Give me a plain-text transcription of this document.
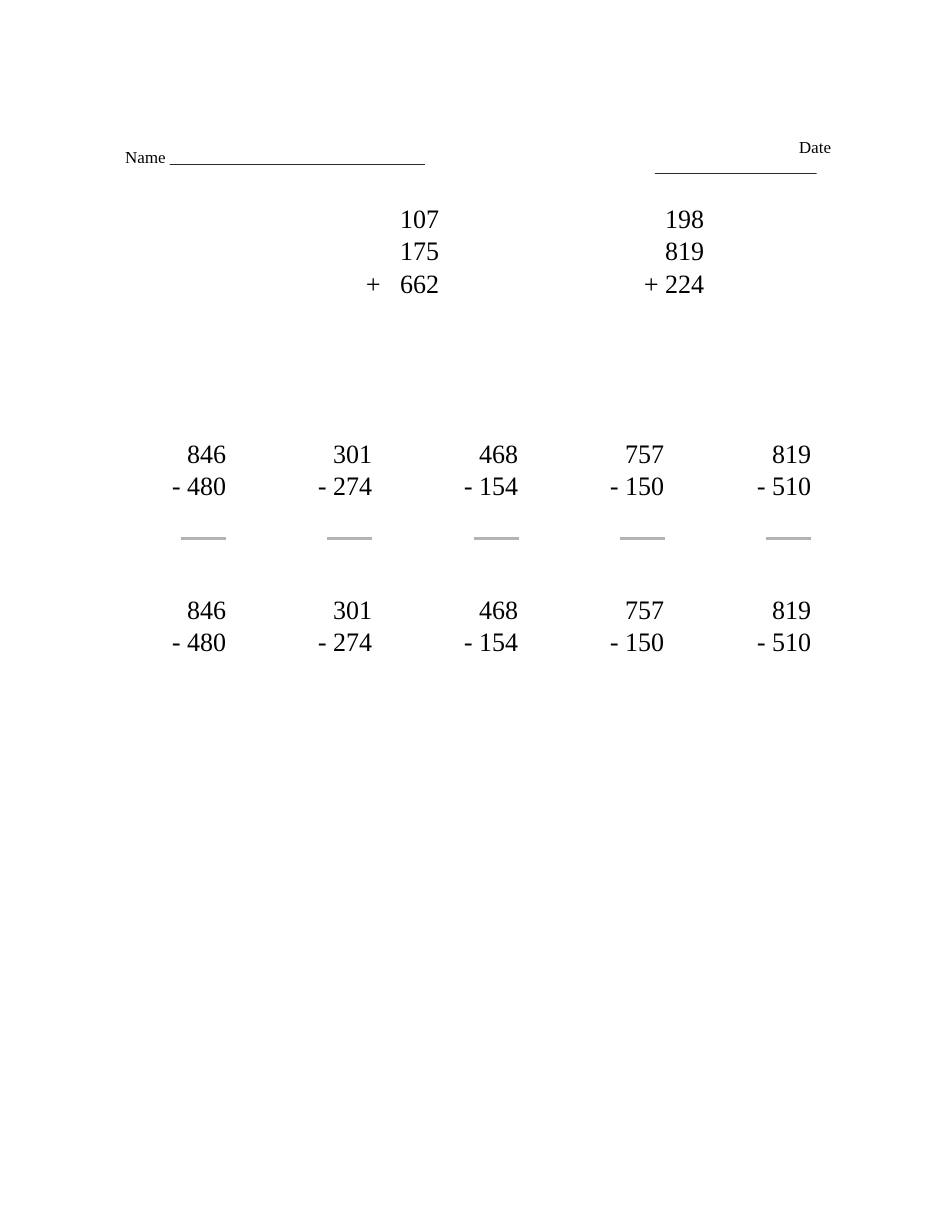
Name ______________________________
Date
___________________
107
175
+   662
198
819
+ 224
846
- 480
301
- 274
468
- 154
757
- 150
819
- 510
846
- 480
301
- 274
468
- 154
757
- 150
819
- 510
